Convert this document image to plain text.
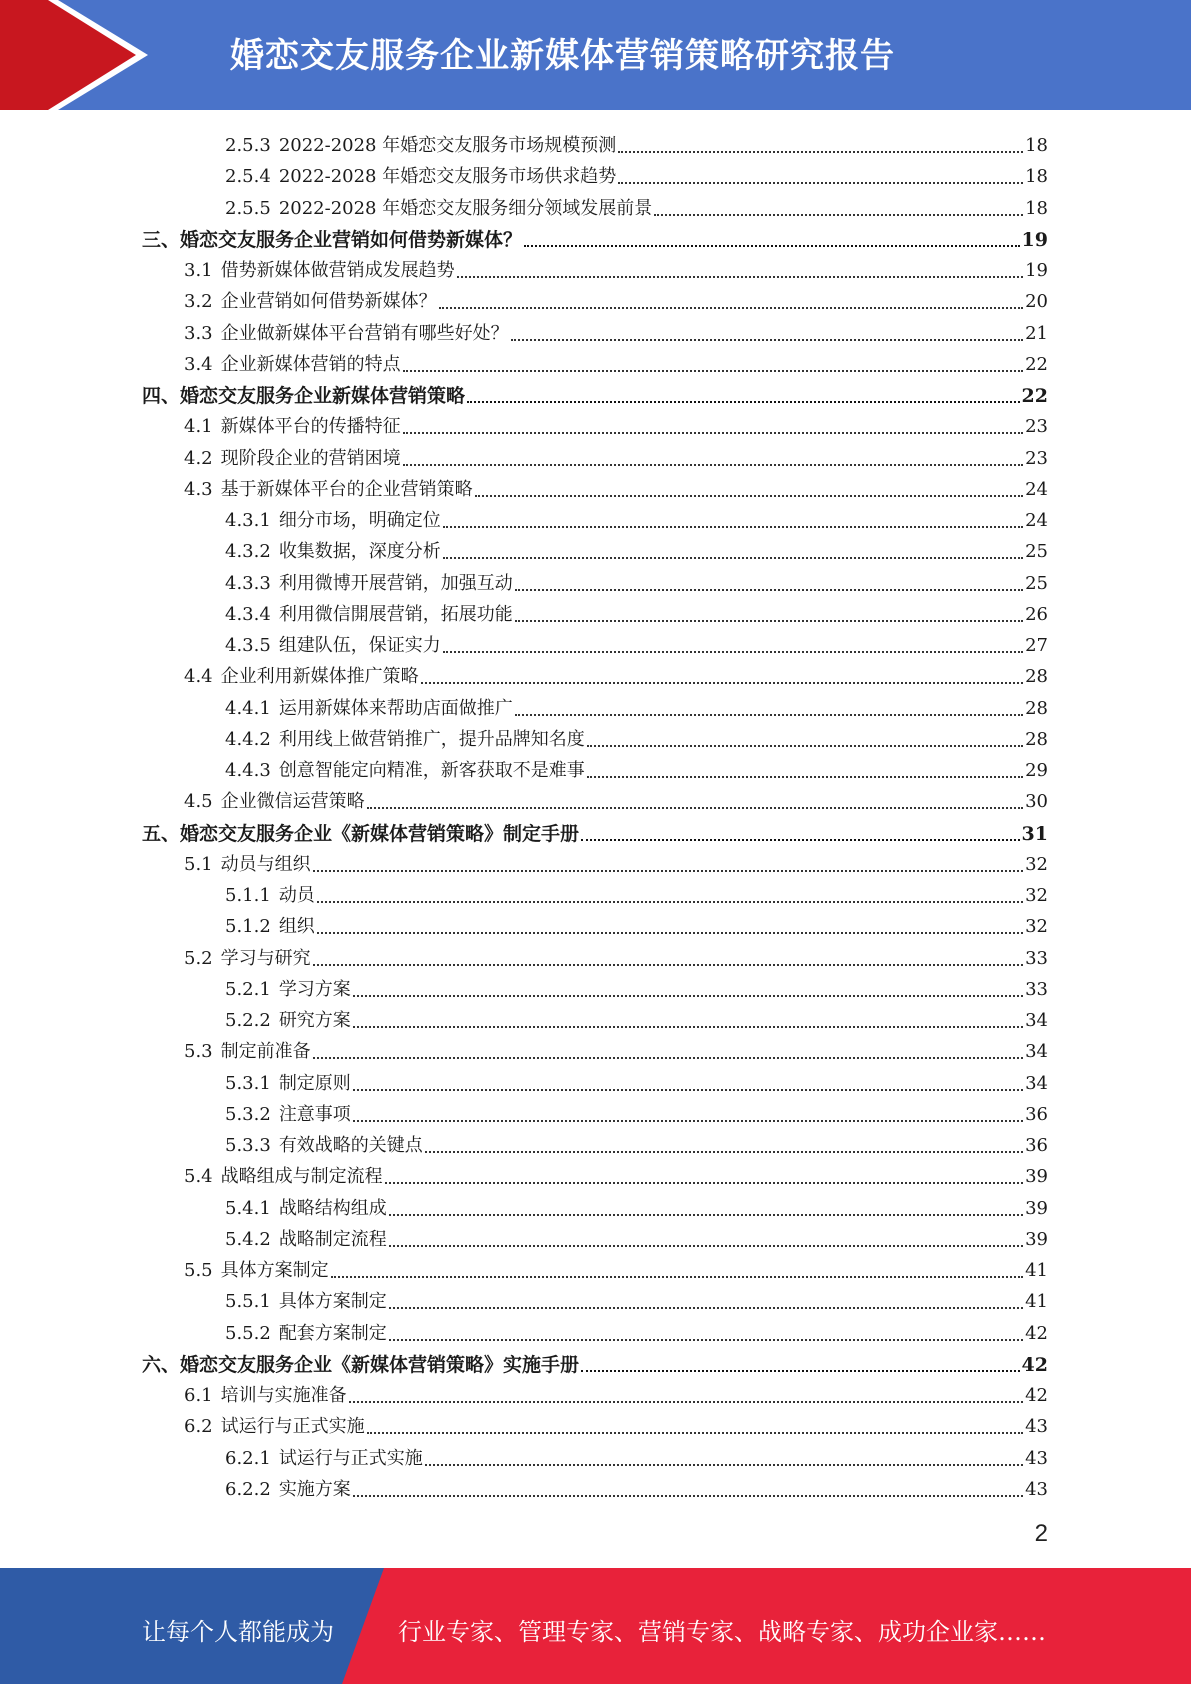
婚恋交友服务企业新媒体营销策略研究报告
2.5.3 2022-2028 年婚恋交友服务市场规模预测	18
2.5.4 2022-2028 年婚恋交友服务市场供求趋势	18
2.5.5 2022-2028 年婚恋交友服务细分领域发展前景	18
三、 婚恋交友服务企业营销如何借势新媒体？	19
3.1 借势新媒体做营销成发展趋势	19
3.2 企业营销如何借势新媒体？	20
3.3 企业做新媒体平台营销有哪些好处？	21
3.4 企业新媒体营销的特点	22
四、 婚恋交友服务企业新媒体营销策略	22
4.1 新媒体平台的传播特征	23
4.2 现阶段企业的营销困境	23
4.3 基于新媒体平台的企业营销策略	24
4.3.1 细分市场，明确定位	24
4.3.2 收集数据，深度分析	25
4.3.3 利用微博开展营销，加强互动	25
4.3.4 利用微信開展营销，拓展功能	26
4.3.5 组建队伍，保证实力	27
4.4 企业利用新媒体推广策略	28
4.4.1 运用新媒体来帮助店面做推广	28
4.4.2 利用线上做营销推广，提升品牌知名度	28
4.4.3 创意智能定向精准，新客获取不是难事	29
4.5 企业微信运营策略	30
五、 婚恋交友服务企业《新媒体营销策略》制定手册	31
5.1 动员与组织	32
5.1.1 动员	32
5.1.2 组织	32
5.2 学习与研究	33
5.2.1 学习方案	33
5.2.2 研究方案	34
5.3 制定前准备	34
5.3.1 制定原则	34
5.3.2 注意事项	36
5.3.3 有效战略的关键点	36
5.4 战略组成与制定流程	39
5.4.1 战略结构组成	39
5.4.2 战略制定流程	39
5.5 具体方案制定	41
5.5.1 具体方案制定	41
5.5.2 配套方案制定	42
六、 婚恋交友服务企业《新媒体营销策略》实施手册	42
6.1 培训与实施准备	42
6.2 试运行与正式实施	43
6.2.1 试运行与正式实施	43
6.2.2 实施方案	43
2
让每个人都能成为	行业专家、管理专家、营销专家、战略专家、成功企业家……
